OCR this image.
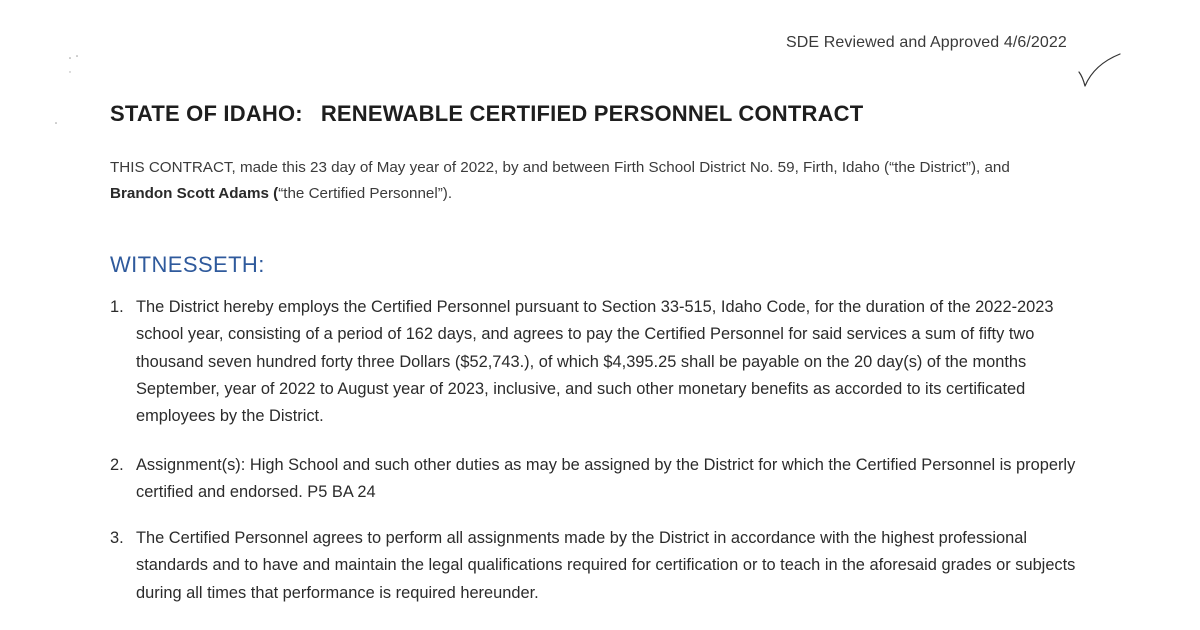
SDE Reviewed and Approved 4/6/2022
STATE OF IDAHO: RENEWABLE CERTIFIED PERSONNEL CONTRACT
THIS CONTRACT, made this 23 day of May year of 2022, by and between Firth School District No. 59, Firth, Idaho (“the District”), and Brandon Scott Adams (“the Certified Personnel”).
WITNESSETH:
1. The District hereby employs the Certified Personnel pursuant to Section 33-515, Idaho Code, for the duration of the 2022-2023 school year, consisting of a period of 162 days, and agrees to pay the Certified Personnel for said services a sum of fifty two thousand seven hundred forty three Dollars ($52,743.), of which $4,395.25 shall be payable on the 20 day(s) of the months September, year of 2022 to August year of 2023, inclusive, and such other monetary benefits as accorded to its certificated employees by the District.
2. Assignment(s): High School and such other duties as may be assigned by the District for which the Certified Personnel is properly certified and endorsed. P5 BA 24
3. The Certified Personnel agrees to perform all assignments made by the District in accordance with the highest professional standards and to have and maintain the legal qualifications required for certification or to teach in the aforesaid grades or subjects during all times that performance is required hereunder.
